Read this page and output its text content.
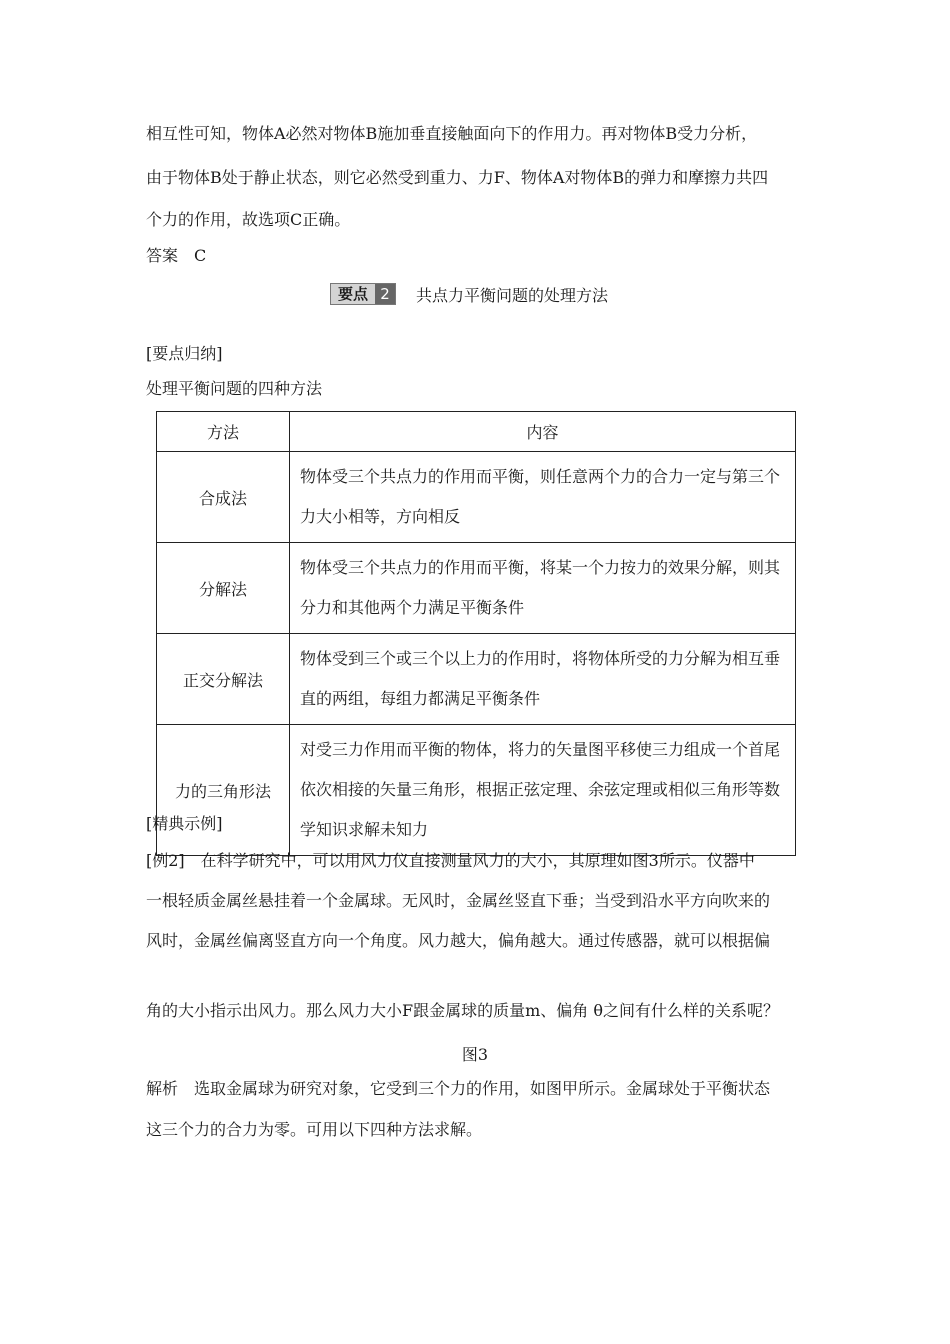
相互性可知，物体A必然对物体B施加垂直接触面向下的作用力。再对物体B受力分析，
由于物体B处于静止状态，则它必然受到重力、力F、物体A对物体B的弹力和摩擦力共四
个力的作用，故选项C正确。
答案　C
要点 2	共点力平衡问题的处理方法
[要点归纳]
处理平衡问题的四种方法
方法	内容
合成法	物体受三个共点力的作用而平衡，则任意两个力的合力一定与第三个力大小相等，方向相反
分解法	物体受三个共点力的作用而平衡，将某一个力按力的效果分解，则其分力和其他两个力满足平衡条件
正交分解法	物体受到三个或三个以上力的作用时，将物体所受的力分解为相互垂直的两组，每组力都满足平衡条件
力的三角形法	对受三力作用而平衡的物体，将力的矢量图平移使三力组成一个首尾依次相接的矢量三角形，根据正弦定理、余弦定理或相似三角形等数学知识求解未知力
[精典示例]
[例2]　在科学研究中，可以用风力仪直接测量风力的大小，其原理如图3所示。仪器中
一根轻质金属丝悬挂着一个金属球。无风时，金属丝竖直下垂；当受到沿水平方向吹来的
风时，金属丝偏离竖直方向一个角度。风力越大，偏角越大。通过传感器，就可以根据偏
角的大小指示出风力。那么风力大小F跟金属球的质量m、偏角 θ之间有什么样的关系呢？
图3
解析　选取金属球为研究对象，它受到三个力的作用，如图甲所示。金属球处于平衡状态
这三个力的合力为零。可用以下四种方法求解。
